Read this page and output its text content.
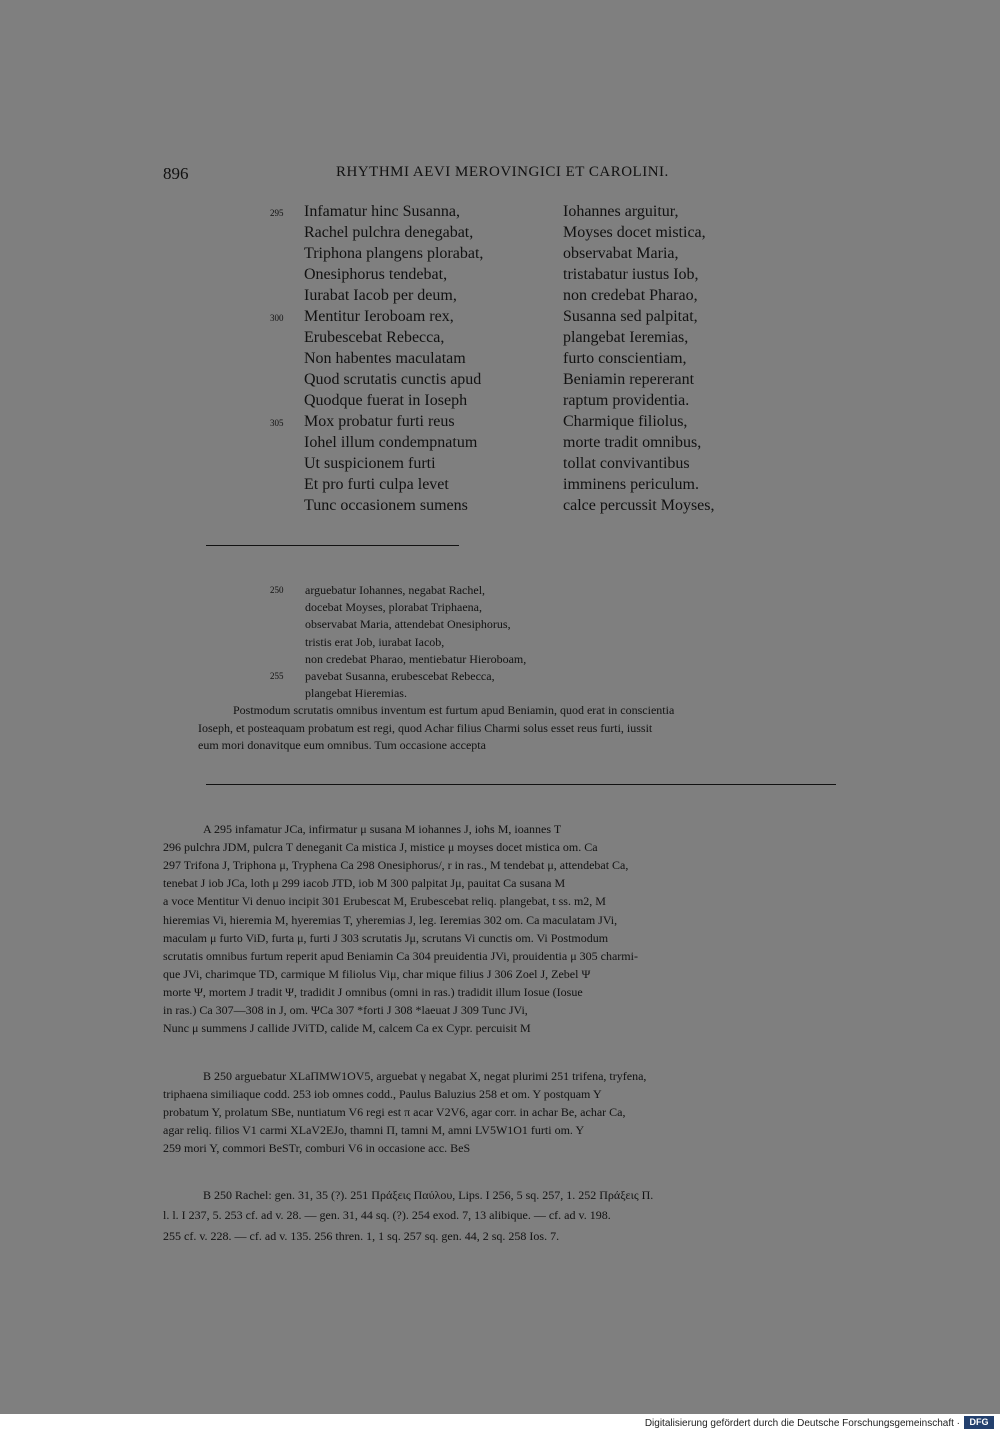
896	RHYTHMI AEVI MEROVINGICI ET CAROLINI.
295 Infamatur hinc Susanna,	Iohannes arguitur,
Rachel pulchra denegabat,	Moyses docet mistica,
Triphona plangens plorabat,	observabat Maria,
Onesiphorus tendebat,	tristabatur iustus Iob,
Iurabat Iacob per deum,	non credebat Pharao,
300 Mentitur Ieroboam rex,	Susanna sed palpitat,
Erubescebat Rebecca,	plangebat Ieremias,
Non habentes maculatam	furto conscientiam,
Quod scrutatis cunctis apud	Beniamin repererant
Quodque fuerat in Ioseph	raptum providentia.
305 Mox probatur furti reus	Charmique filiolus,
Iohel illum condempnatum	morte tradit omnibus,
Ut suspicionem furti	tollat convivantibus
Et pro furti culpa levet	imminens periculum.
Tunc occasionem sumens	calce percussit Moyses,
250 arguebatur Iohannes, negabat Rachel,
docebat Moyses, plorabat Triphaena,
observabat Maria, attendebat Onesiphorus,
tristis erat Job, iurabat Iacob,
non credebat Pharao, mentiebatur Hieroboam,
255 pavebat Susanna, erubescebat Rebecca,
plangebat Hieremias.
Postmodum scrutatis omnibus inventum est furtum apud Beniamin, quod erat in conscientia
Ioseph, et posteaquam probatum est regi, quod Achar filius Charmi solus esset reus furti, iussit
eum mori donavitque eum omnibus. Tum occasione accepta
A 295 infamatur JCa, infirmatur μ susana M iohannes J, ioħs M, ioannes T
296 pulchra JDM, pulcra T deneganit Ca mistica J, mistice μ moyses docet mistica om. Ca
297 Trifona J, Triphona μ, Tryphena Ca 298 Onesiphorus/, r in ras., M tendebat μ, attendebat Ca,
tenebat J iob JCa, loth μ 299 iacob JTD, iob M 300 palpitat Jμ, pauitat Ca susana M
a voce Mentitur Vi denuo incipit 301 Erubescat M, Erubescebat reliq. plangebat, t ss. m2, M
hieremias Vi, hieremia M, hyeremias T, yheremias J, leg. Ieremias 302 om. Ca maculatam JVi,
maculam μ furto ViD, furta μ, furti J 303 scrutatis Jμ, scrutans Vi cunctis om. Vi Postmodum
scrutatis omnibus furtum reperit apud Beniamin Ca 304 preuidentia JVi, prouidentia μ 305 charmi-
que JVi, charimque TD, carmique M filiolus Viμ, char mique filius J 306 Zoel J, Zebel Ψ
morte Ψ, mortem J tradit Ψ, tradidit J omnibus (omni in ras.) tradidit illum Iosue (Iosue
in ras.) Ca 307—308 in J, om. ΨCa 307 *forti J 308 *laeuat J 309 Tunc JVi,
Nunc μ summens J callide JViTD, calide M, calcem Ca ex Cypr. percuisit M
B 250 arguebatur XLaΠMW1OV5, arguebat γ negabat X, negat plurimi 251 trifena, tryfena,
triphaena similiaque codd. 253 iob omnes codd., Paulus Baluzius 258 et om. Y postquam Y
probatum Y, prolatum SBe, nuntiatum V6 regi est π acar V2V6, agar corr. in achar Be, achar Ca,
agar reliq. filios V1 carmi XLaV2EJo, thamni Π, tamni M, amni LV5W1O1 furti om. Y
259 mori Y, commori BeSTr, comburi V6 in occasione acc. BeS
B 250 Rachel: gen. 31, 35 (?). 251 Πράξεις Παύλου, Lips. I 256, 5 sq. 257, 1. 252 Πράξεις Π.
l. l. I 237, 5. 253 cf. ad v. 28. — gen. 31, 44 sq. (?). 254 exod. 7, 13 alibique. — cf. ad v. 198.
255 cf. v. 228. — cf. ad v. 135. 256 thren. 1, 1 sq. 257 sq. gen. 44, 2 sq. 258 Ios. 7.
Digitalisierung gefördert durch die Deutsche Forschungsgemeinschaft ·	DFG
